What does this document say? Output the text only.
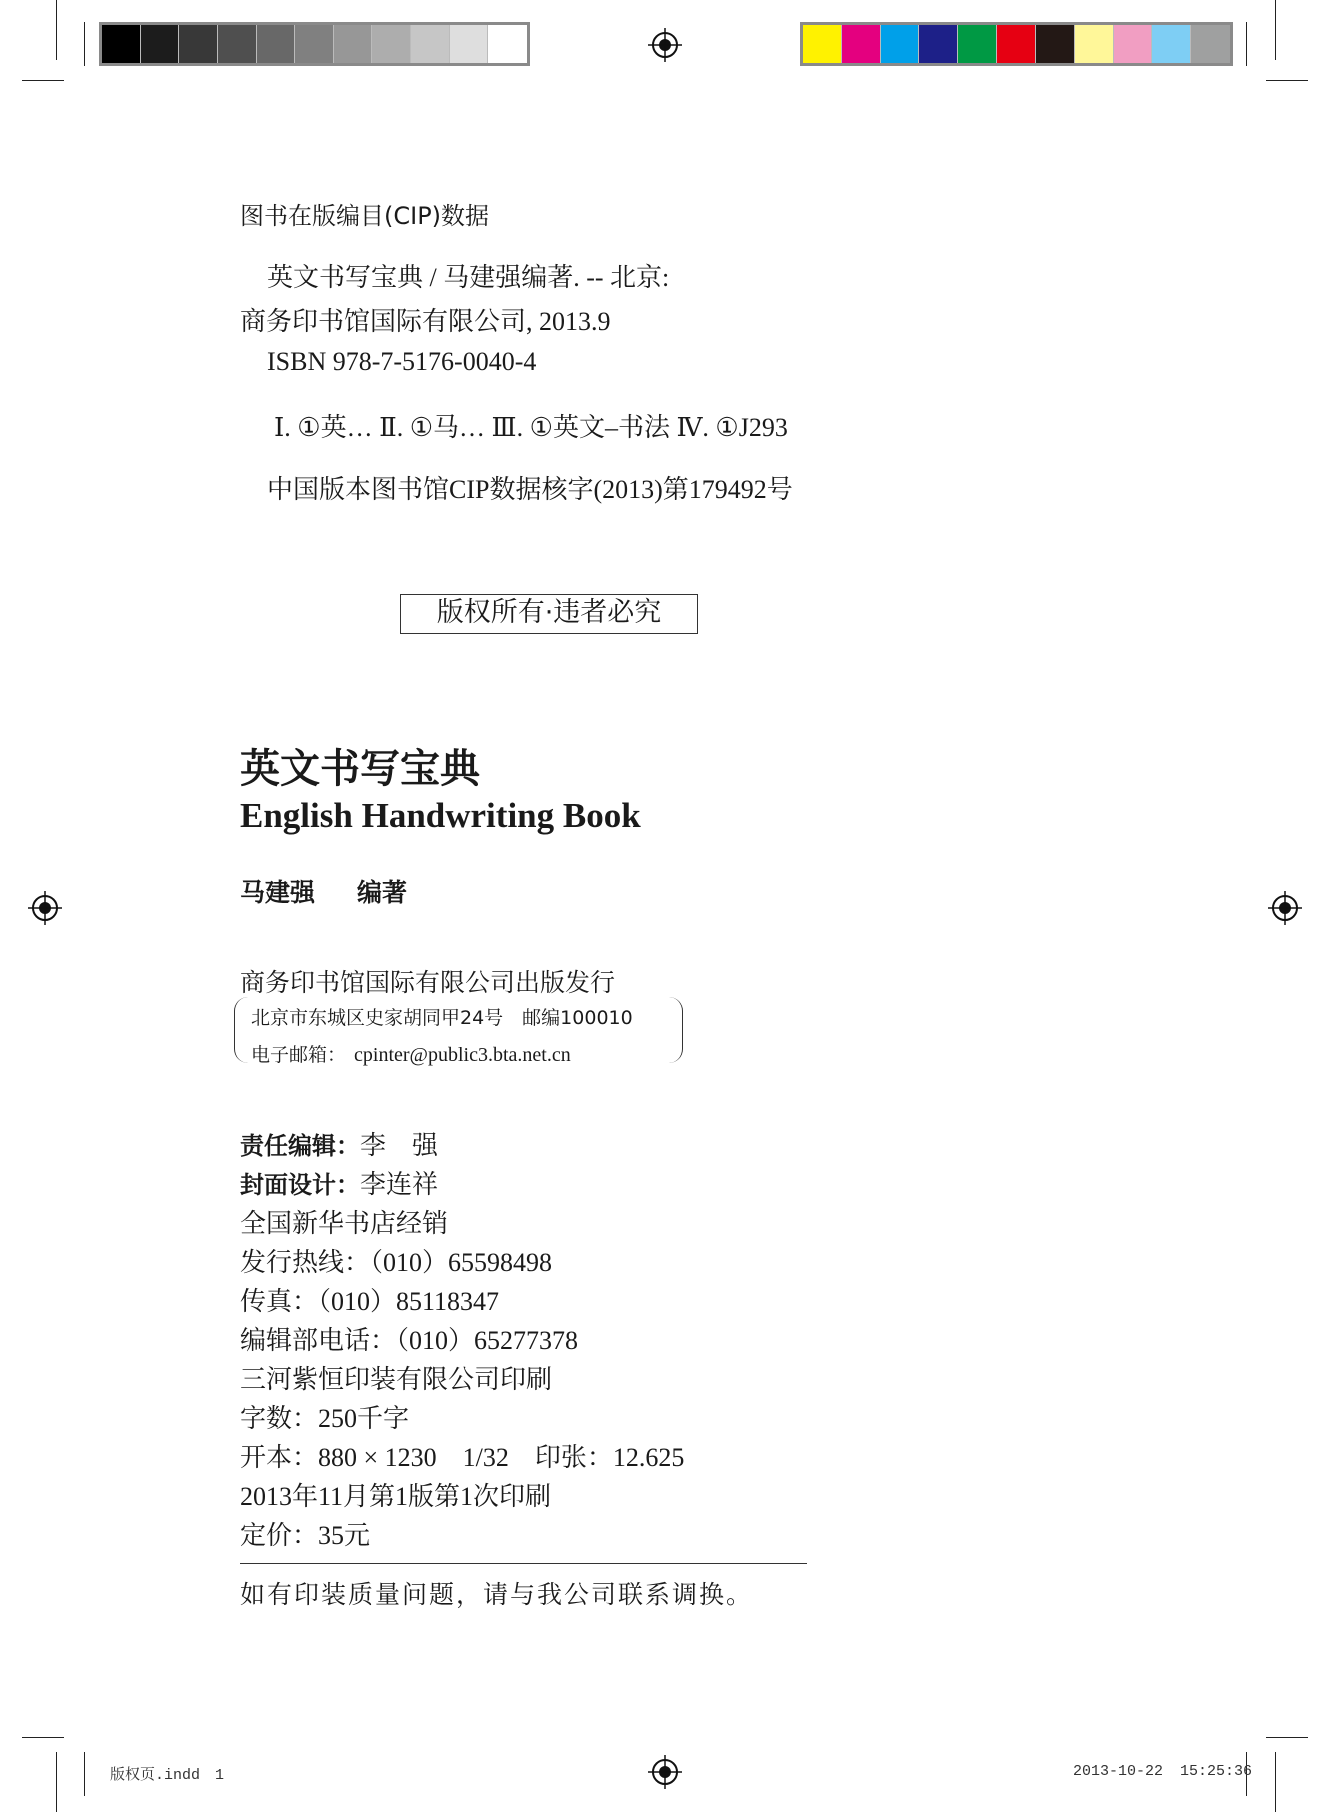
图书在版编目(CIP)数据
英文书写宝典 / 马建强编著. -- 北京:
商务印书馆国际有限公司, 2013.9
ISBN 978-7-5176-0040-4
Ⅰ. ①英… Ⅱ. ①马… Ⅲ. ①英文–书法 Ⅳ. ①J293
中国版本图书馆CIP数据核字(2013)第179492号
版权所有·违者必究
英文书写宝典
English Handwriting Book
马建强 编著
商务印书馆国际有限公司出版发行
北京市东城区史家胡同甲24号　邮编100010
电子邮箱： cpinter@public3.bta.net.cn
责任编辑：李　强
封面设计：李连祥
全国新华书店经销
发行热线：（010）65598498
传真：（010）85118347
编辑部电话：（010）65277378
三河紫恒印装有限公司印刷
字数：250千字
开本：880 × 1230　1/32　印张：12.625
2013年11月第1版第1次印刷
定价：35元
如有印装质量问题，请与我公司联系调换。
版权页.indd　1	2013-10-22 15:25:36
